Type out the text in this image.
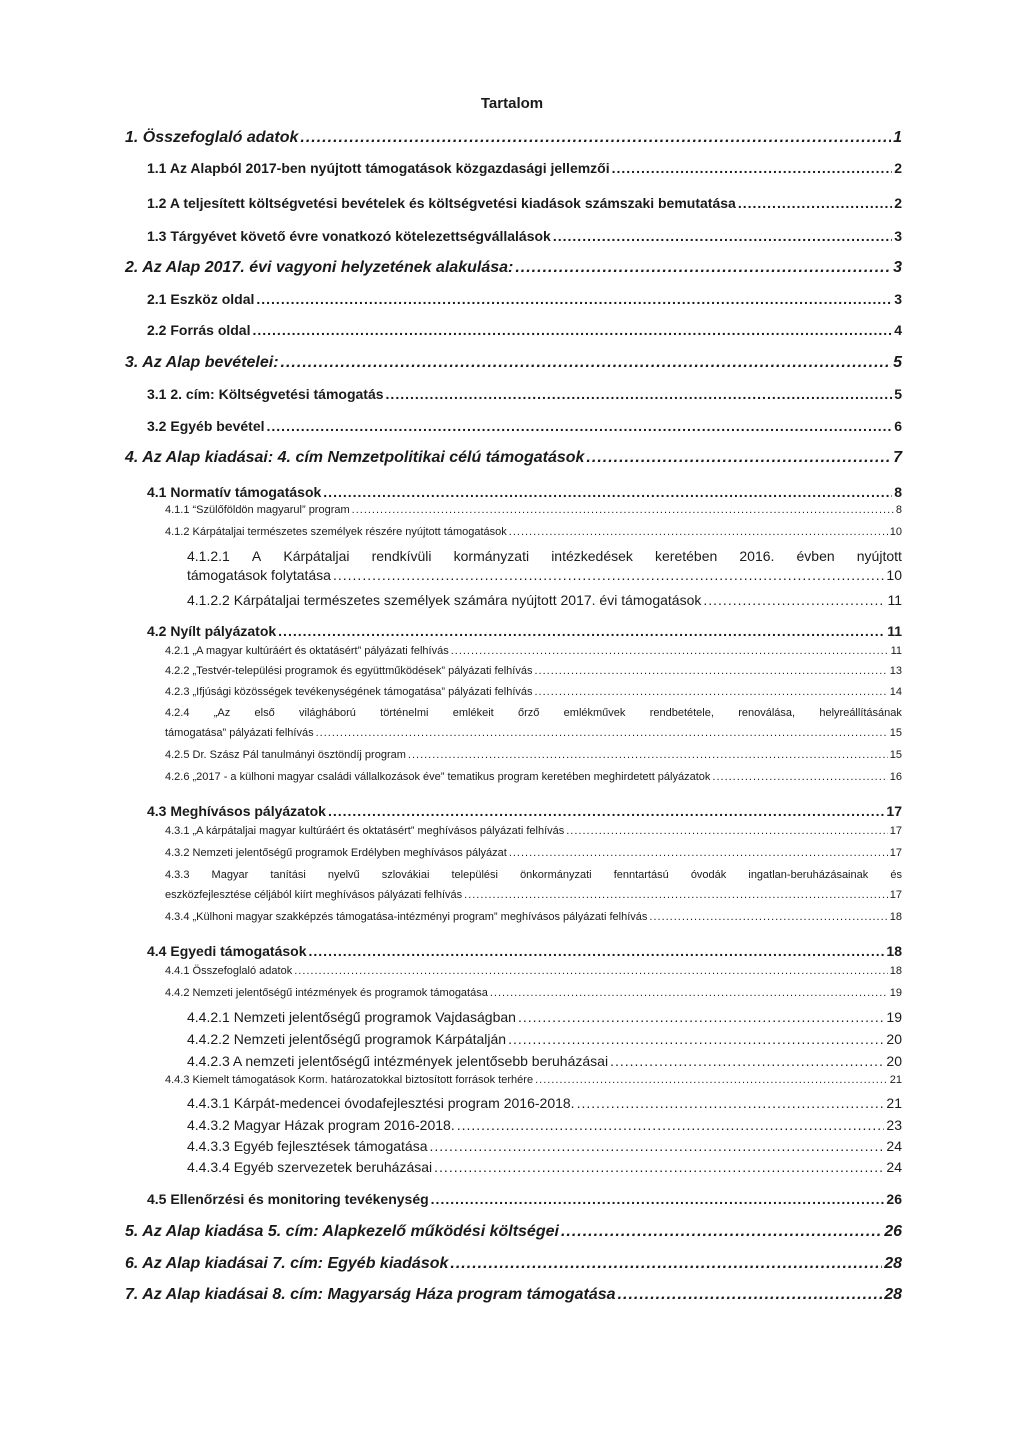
Tartalom
1. Összefoglaló adatok .....	1
1.1 Az Alapból 2017-ben nyújtott támogatások közgazdasági jellemzői .....	2
1.2 A teljesített költségvetési bevételek és költségvetési kiadások számszaki bemutatása .....	2
1.3 Tárgyévet követő évre vonatkozó kötelezettségvállalások .....	3
2. Az Alap 2017. évi vagyoni helyzetének alakulása: .....	3
2.1 Eszköz oldal .....	3
2.2 Forrás oldal .....	4
3. Az Alap bevételei: .....	5
3.1 2. cím: Költségvetési támogatás .....	5
3.2 Egyéb bevétel .....	6
4. Az Alap kiadásai: 4. cím Nemzetpolitikai célú támogatások .....	7
4.1 Normatív támogatások .....	8
4.1.1 “Szülőföldön magyarul” program .....	8
4.1.2 Kárpátaljai természetes személyek részére nyújtott támogatások .....	10
4.1.2.1 A Kárpátaljai rendkívüli kormányzati intézkedések keretében 2016. évben nyújtott
támogatások folytatása .....	10
4.1.2.2 Kárpátaljai természetes személyek számára nyújtott 2017. évi támogatások .....	11
4.2 Nyílt pályázatok .....	11
4.2.1 „A magyar kultúráért és oktatásért” pályázati felhívás .....	11
4.2.2 „Testvér-települési programok és együttműködések” pályázati felhívás .....	13
4.2.3 „Ifjúsági közösségek tevékenységének támogatása” pályázati felhívás .....	14
4.2.4 „Az első világháború történelmi emlékeit őrző emlékművek rendbetétele, renoválása, helyreállításának
támogatása” pályázati felhívás .....	15
4.2.5 Dr. Szász Pál tanulmányi ösztöndíj program .....	15
4.2.6 „2017 - a külhoni magyar családi vállalkozások éve” tematikus program keretében meghirdetett pályázatok .....	16
4.3 Meghívásos pályázatok .....	17
4.3.1 „A kárpátaljai magyar kultúráért és oktatásért” meghívásos pályázati felhívás .....	17
4.3.2 Nemzeti jelentőségű programok Erdélyben meghívásos pályázat .....	17
4.3.3 Magyar tanítási nyelvű szlovákiai települési önkormányzati fenntartású óvodák ingatlan-beruházásainak és
eszközfejlesztése céljából kiírt meghívásos pályázati felhívás .....	17
4.3.4 „Külhoni magyar szakképzés támogatása-intézményi program” meghívásos pályázati felhívás .....	18
4.4 Egyedi támogatások .....	18
4.4.1 Összefoglaló adatok .....	18
4.4.2 Nemzeti jelentőségű intézmények és programok támogatása .....	19
4.4.2.1 Nemzeti jelentőségű programok Vajdaságban .....	19
4.4.2.2 Nemzeti jelentőségű programok Kárpátalján .....	20
4.4.2.3 A nemzeti jelentőségű intézmények jelentősebb beruházásai .....	20
4.4.3 Kiemelt támogatások Korm. határozatokkal biztosított források terhére .....	21
4.4.3.1 Kárpát-medencei óvodafejlesztési program 2016-2018. .....	21
4.4.3.2 Magyar Házak program 2016-2018. .....	23
4.4.3.3 Egyéb fejlesztések támogatása .....	24
4.4.3.4 Egyéb szervezetek beruházásai .....	24
4.5 Ellenőrzési és monitoring tevékenység .....	26
5. Az Alap kiadása 5. cím: Alapkezelő működési költségei .....	26
6. Az Alap kiadásai 7. cím: Egyéb kiadások .....	28
7. Az Alap kiadásai 8. cím: Magyarság Háza program támogatása .....	28
